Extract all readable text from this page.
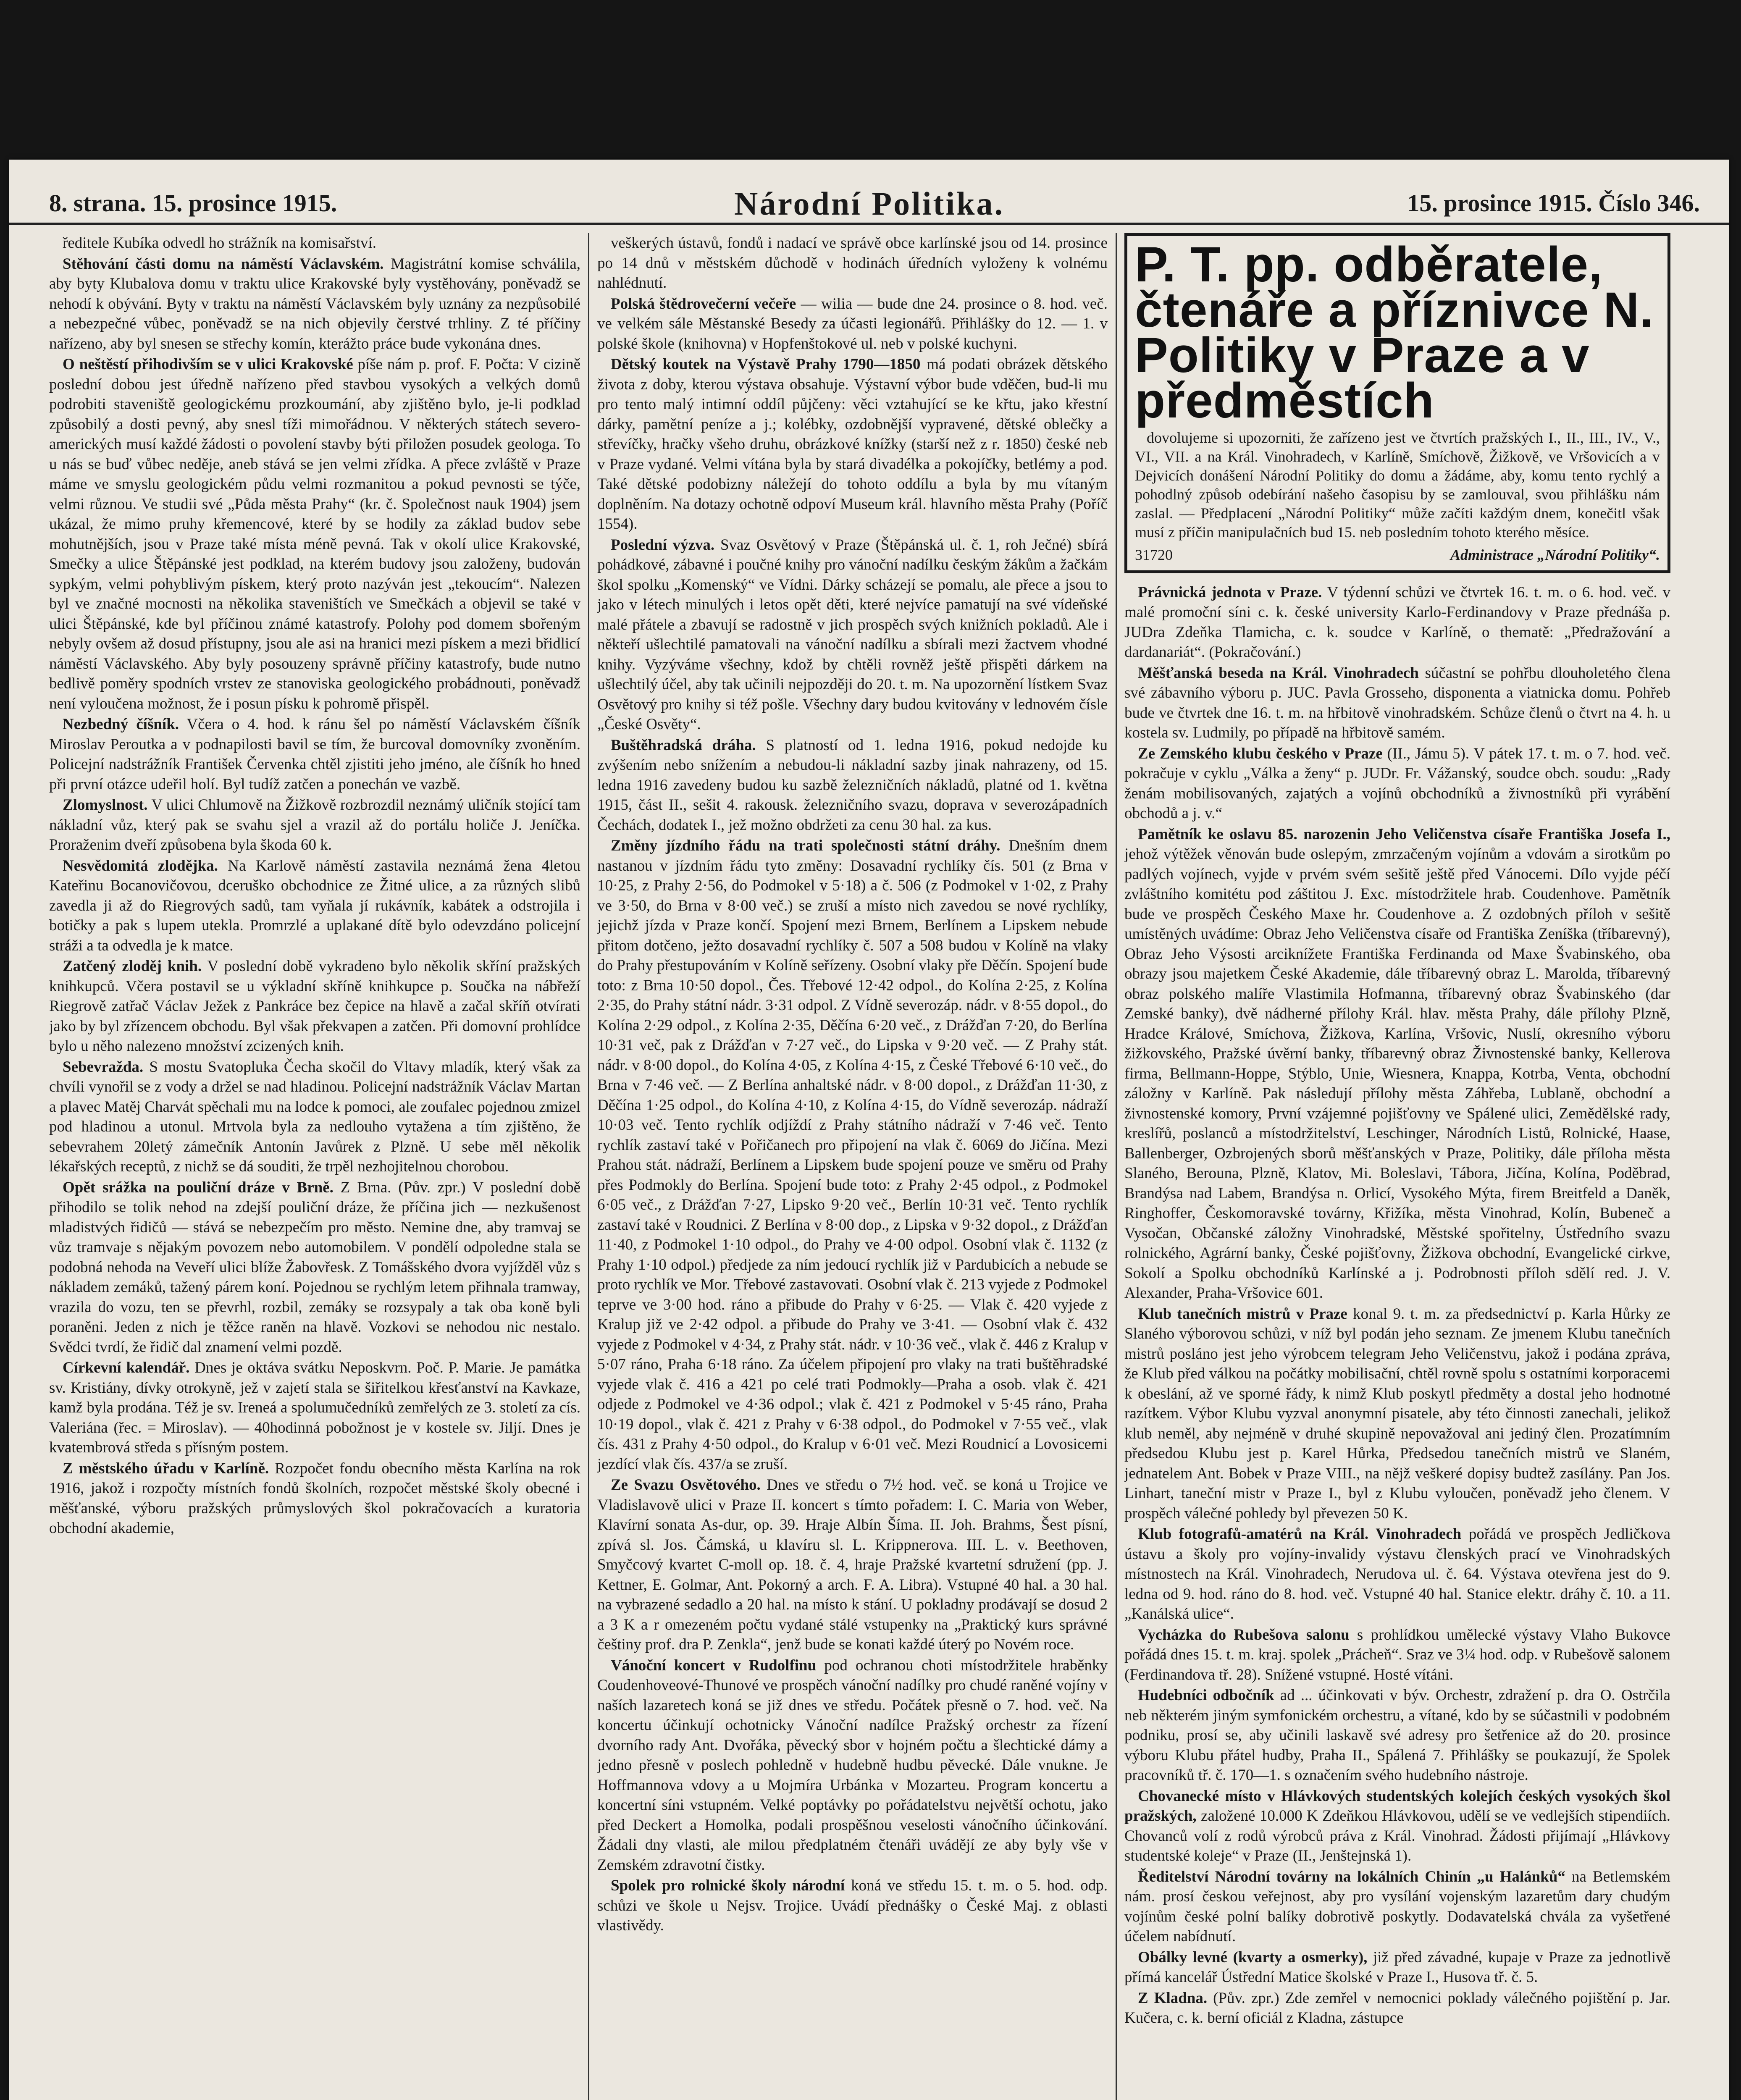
8. strana. 15. prosince 1915.	Národní Politika.	15. prosince 1915. Číslo 346.

ředitele Kubíka odvedl ho strážník na komisařství.

Stěhování části domu na náměstí Václavském. Magistrátní komise schválila, aby byty Klubalova domu v traktu ulice Krakovské byly vystěhovány, poněvadž se nehodí k obývání. Byty v traktu na náměstí Václavském byly uznány za nezpůsobilé a nebezpečné vůbec, poněvadž se na nich objevily čerstvé trhliny. Z té příčiny nařízeno, aby byl snesen se střechy komín, kterážto práce bude vykonána dnes.

O neštěstí přihodivším se v ulici Krakovské píše nám p. prof. F. Počta: V cizině poslední dobou jest úředně nařízeno před stavbou vysokých a velkých domů podrobiti staveniště geologickému prozkoumání, aby zjištěno bylo, je-li podklad způsobilý a dosti pevný, aby snesl tíži mimořádnou. V některých státech severo-amerických musí každé žádosti o povolení stavby býti přiložen posudek geologa. To u nás se buď vůbec neděje, aneb stává se jen velmi zřídka. A přece zvláště v Praze máme ve smyslu geologickém půdu velmi rozmanitou a pokud pevnosti se týče, velmi různou. Ve studii své „Půda města Prahy“ (kr. č. Společnost nauk 1904) jsem ukázal, že mimo pruhy křemencové, které by se hodily za základ budov sebe mohutnějších, jsou v Praze také místa méně pevná. Tak v okolí ulice Krakovské, Smečky a ulice Štěpánské jest podklad, na kterém budovy jsou založeny, budován sypkým, velmi pohyblivým pískem, který proto nazýván jest „tekoucím“. Nalezen byl ve značné mocnosti na několika staveništích ve Smečkách a objevil se také v ulici Štěpánské, kde byl příčinou známé katastrofy. Polohy pod domem sbořeným nebyly ovšem až dosud přístupny, jsou ale asi na hranici mezi pískem a mezi břidlicí náměstí Václavského. Aby byly posouzeny správně příčiny katastrofy, bude nutno bedlivě poměry spodních vrstev ze stanoviska geologického probádnouti, poněvadž není vyloučena možnost, že i posun písku k pohromě přispěl.

Nezbedný číšník. Včera o 4. hod. k ránu šel po náměstí Václavském číšník Miroslav Peroutka a v podnapilosti bavil se tím, že burcoval domovníky zvoněním. Policejní nadstrážník František Červenka chtěl zjistiti jeho jméno, ale číšník ho hned při první otázce udeřil holí. Byl tudíž zatčen a ponechán ve vazbě.

Zlomyslnost. V ulici Chlumově na Žižkově rozbrozdil neznámý uličník stojící tam nákladní vůz, který pak se svahu sjel a vrazil až do portálu holiče J. Jeníčka. Proraženim dveří způsobena byla škoda 60 k.

Nesvědomitá zlodějka. Na Karlově náměstí zastavila neznámá žena 4letou Kateřinu Bocanovičovou, dceruško obchodnice ze Žitné ulice, a za různých slibů zavedla ji až do Riegrových sadů, tam vyňala jí rukávník, kabátek a odstrojila i botičky a pak s lupem utekla. Promrzlé a uplakané dítě bylo odevzdáno policejní stráži a ta odvedla je k matce.

Zatčený zloděj knih. V poslední době vykradeno bylo několik skříní pražských knihkupců. Včera postavil se u výkladní skříně knihkupce p. Součka na nábřeží Riegrově zatřač Václav Ježek z Pankráce bez čepice na hlavě a začal skříň otvírati jako by byl zřízencem obchodu. Byl však překvapen a zatčen. Při domovní prohlídce bylo u něho nalezeno množství zcizených knih.

Sebevražda. S mostu Svatopluka Čecha skočil do Vltavy mladík, který však za chvíli vynořil se z vody a držel se nad hladinou. Policejní nadstrážník Václav Martan a plavec Matěj Charvát spěchali mu na lodce k pomoci, ale zoufalec pojednou zmizel pod hladinou a utonul. Mrtvola byla za nedlouho vytažena a tím zjištěno, že sebevrahem 20letý zámečník Antonín Javůrek z Plzně. U sebe měl několik lékařských receptů, z nichž se dá souditi, že trpěl nezhojitelnou chorobou.

Opět srážka na pouliční dráze v Brně. Z Brna. (Pův. zpr.) V poslední době přihodilo se tolik nehod na zdejší pouliční dráze, že příčina jich — nezkušenost mladistvých řidičů — stává se nebezpečím pro město. Nemine dne, aby tramvaj se vůz tramvaje s nějakým povozem nebo automobilem. V pondělí odpoledne stala se podobná nehoda na Veveří ulici blíže Žabovřesk. Z Tomášského dvora vyjížděl vůz s nákladem zemáků, tažený párem koní. Pojednou se rychlým letem přihnala tramway, vrazila do vozu, ten se převrhl, rozbil, zemáky se rozsypaly a tak oba koně byli poraněni. Jeden z nich je těžce raněn na hlavě. Vozkovi se nehodou nic nestalo. Svědci tvrdí, že řidič dal znamení velmi pozdě.

Církevní kalendář. Dnes je oktáva svátku Neposkvrn. Poč. P. Marie. Je památka sv. Kristiány, dívky otrokyně, jež v zajetí stala se šiřitelkou křesťanství na Kavkaze, kamž byla prodána. Též je sv. Ireneá a spolumučedníků zemřelých ze 3. století za cís. Valeriána (řec. = Miroslav). — 40hodinná pobožnost je v kostele sv. Jiljí. Dnes je kvatembrová středa s přísným postem.

Z městského úřadu v Karlíně. Rozpočet fondu obecního města Karlína na rok 1916, jakož i rozpočty místních fondů školních, rozpočet městské školy obecné i měšťanské, výboru pražských průmyslových škol pokračovacích a kuratoria obchodní akademie,

veškerých ústavů, fondů i nadací ve správě obce karlínské jsou od 14. prosince po 14 dnů v městském důchodě v hodinách úředních vyloženy k volnému nahlédnutí.

Polská štědrovečerní večeře — wilia — bude dne 24. prosince o 8. hod. več. ve velkém sále Městanské Besedy za účasti legionářů. Přihlášky do 12. — 1. v polské škole (knihovna) v Hopfenštokové ul. neb v polské kuchyni.

Dětský koutek na Výstavě Prahy 1790—1850 má podati obrázek dětského života z doby, kterou výstava obsahuje. Výstavní výbor bude vděčen, bud-li mu pro tento malý intimní oddíl půjčeny: věci vztahující se ke křtu, jako křestní dárky, pamětní peníze a j.; kolébky, ozdobnější vypravené, dětské oblečky a střevíčky, hračky všeho druhu, obrázkové knížky (starší než z r. 1850) české neb v Praze vydané. Velmi vítána byla by stará divadélka a pokojíčky, betlémy a pod. Také dětské podobizny náležejí do tohoto oddílu a byla by mu vítaným doplněním. Na dotazy ochotně odpoví Museum král. hlavního města Prahy (Poříč 1554).

Poslední výzva. Svaz Osvětový v Praze (Štěpánská ul. č. 1, roh Ječné) sbírá pohádkové, zábavné i poučné knihy pro vánoční nadílku českým žákům a žačkám škol spolku „Komenský“ ve Vídni. Dárky scházejí se pomalu, ale přece a jsou to jako v létech minulých i letos opět děti, které nejvíce pamatují na své vídeňské malé přátele a zbavují se radostně v jich prospěch svých knižních pokladů. Ale i někteří ušlechtilé pamatovali na vánoční nadílku a sbírali mezi žactvem vhodné knihy. Vyzýváme všechny, kdož by chtěli rovněž ještě přispěti dárkem na ušlechtilý účel, aby tak učinili nejpozději do 20. t. m. Na upozornění lístkem Svaz Osvětový pro knihy si též pošle. Všechny dary budou kvitovány v lednovém čísle „České Osvěty“.

Buštěhradská dráha. S platností od 1. ledna 1916, pokud nedojde ku zvýšením nebo snížením a nebudou-li nákladní sazby jinak nahrazeny, od 15. ledna 1916 zavedeny budou ku sazbě železničních nákladů, platné od 1. května 1915, část II., sešit 4. rakousk. železničního svazu, doprava v severozápadních Čechách, dodatek I., jež možno obdržeti za cenu 30 hal. za kus.

Změny jízdního řádu na trati společnosti státní dráhy. Dnešním dnem nastanou v jízdním řádu tyto změny: Dosavadní rychlíky čís. 501 (z Brna v 10·25, z Prahy 2·56, do Podmokel v 5·18) a č. 506 (z Podmokel v 1·02, z Prahy ve 3·50, do Brna v 8·00 več.) se zruší a místo nich zavedou se nové rychlíky, jejichž jízda v Praze končí. Spojení mezi Brnem, Berlínem a Lipskem nebude přitom dotčeno, ježto dosavadní rychlíky č. 507 a 508 budou v Kolíně na vlaky do Prahy přestupováním v Kolíně seřízeny. Osobní vlaky pře Děčín. Spojení bude toto: z Brna 10·50 dopol., Čes. Třebové 12·42 odpol., do Kolína 2·25, z Kolína 2·35, do Prahy státní nádr. 3·31 odpol. Z Vídně severozáp. nádr. v 8·55 dopol., do Kolína 2·29 odpol., z Kolína 2·35, Děčína 6·20 več., z Drážďan 7·20, do Berlína 10·31 več, pak z Drážďan v 7·27 več., do Lipska v 9·20 več. — Z Prahy stát. nádr. v 8·00 dopol., do Kolína 4·05, z Kolína 4·15, z České Třebové 6·10 več., do Brna v 7·46 več. — Z Berlína anhaltské nádr. v 8·00 dopol., z Drážďan 11·30, z Děčína 1·25 odpol., do Kolína 4·10, z Kolína 4·15, do Vídně severozáp. nádraží 10·03 več. Tento rychlík odjíždí z Prahy státního nádraží v 7·46 več. Tento rychlík zastaví také v Pořičanech pro připojení na vlak č. 6069 do Jičína. Mezi Prahou stát. nádraží, Berlínem a Lipskem bude spojení pouze ve směru od Prahy přes Podmokly do Berlína. Spojení bude toto: z Prahy 2·45 odpol., z Podmokel 6·05 več., z Drážďan 7·27, Lipsko 9·20 več., Berlín 10·31 več. Tento rychlík zastaví také v Roudnici. Z Berlína v 8·00 dop., z Lipska v 9·32 dopol., z Drážďan 11·40, z Podmokel 1·10 odpol., do Prahy ve 4·00 odpol. Osobní vlak č. 1132 (z Prahy 1·10 odpol.) předjede za ním jedoucí rychlík již v Pardubicích a nebude se proto rychlík ve Mor. Třebové zastavovati. Osobní vlak č. 213 vyjede z Podmokel teprve ve 3·00 hod. ráno a přibude do Prahy v 6·25. — Vlak č. 420 vyjede z Kralup již ve 2·42 odpol. a přibude do Prahy ve 3·41. — Osobní vlak č. 432 vyjede z Podmokel v 4·34, z Prahy stát. nádr. v 10·36 več., vlak č. 446 z Kralup v 5·07 ráno, Praha 6·18 ráno. Za účelem připojení pro vlaky na trati buštěhradské vyjede vlak č. 416 a 421 po celé trati Podmokly—Praha a osob. vlak č. 421 odjede z Podmokel ve 4·36 odpol.; vlak č. 421 z Podmokel v 5·45 ráno, Praha 10·19 dopol., vlak č. 421 z Prahy v 6·38 odpol., do Podmokel v 7·55 več., vlak čís. 431 z Prahy 4·50 odpol., do Kralup v 6·01 več. Mezi Roudnicí a Lovosicemi jezdící vlak čís. 437/a se zruší.

Ze Svazu Osvětového. Dnes ve středu o 7½ hod. več. se koná u Trojice ve Vladislavově ulici v Praze II. koncert s tímto pořadem: I. C. Maria von Weber, Klavírní sonata As-dur, op. 39. Hraje Albín Šíma. II. Joh. Brahms, Šest písní, zpívá sl. Jos. Čámská, u klavíru sl. L. Krippnerova. III. L. v. Beethoven, Smyčcový kvartet C-moll op. 18. č. 4, hraje Pražské kvartetní sdružení (pp. J. Kettner, E. Golmar, Ant. Pokorný a arch. F. A. Libra). Vstupné 40 hal. a 30 hal. na vybrazené sedadlo a 20 hal. na místo k stání. U pokladny prodávají se dosud 2 a 3 K a r omezeném počtu vydané stálé vstupenky na „Praktický kurs správné češtiny prof. dra P. Zenkla“, jenž bude se konati každé úterý po Novém roce.

Vánoční koncert v Rudolfinu pod ochranou choti místodržitele hraběnky Coudenhoveové-Thunové ve prospěch vánoční nadílky pro chudé raněné vojíny v naších lazaretech koná se již dnes ve středu. Počátek přesně o 7. hod. več. Na koncertu účinkují ochotnicky Vánoční nadílce Pražský orchestr za řízení dvorního rady Ant. Dvořáka, pěvecký sbor v hojném počtu a šlechtické dámy a jedno přesně v poslech pohledně v hudebně hudbu pěvecké. Dále vnukne. Je Hoffmannova vdovy a u Mojmíra Urbánka v Mozarteu. Program koncertu a koncertní síni vstupném. Velké poptávky po pořádatelstvu největší ochotu, jako před Deckert a Homolka, podali prospěšnou veselosti vánočního účinkování. Žádali dny vlasti, ale milou předplatném čtenáři uvádějí ze aby byly vše v Zemském zdravotní čistky.

Spolek pro rolnické školy národní koná ve středu 15. t. m. o 5. hod. odp. schůzi ve škole u Nejsv. Trojice. Uvádí přednášky o České Maj. z oblasti vlastivědy.

P. T. pp. odběratele, čtenáře a příznivce N. Politiky v Praze a v předměstích
dovolujeme si upozorniti, že zařízeno jest ve čtvrtích pražských I., II., III., IV., V., VI., VII. a na Král. Vinohradech, v Karlíně, Smíchově, Žižkově, ve Vršovicích a v Dejvicích donášení Národní Politiky do domu a žádáme, aby, komu tento rychlý a pohodlný způsob odebírání našeho časopisu by se zamlouval, svou přihlášku nám zaslal. — Předplacení „Národní Politiky“ může začíti každým dnem, konečitl však musí z příčin manipulačních bud 15. neb posledním tohoto kterého měsíce.
31720	Administrace „Národní Politiky“.

Právnická jednota v Praze. V týdenní schůzi ve čtvrtek 16. t. m. o 6. hod. več. v malé promoční síni c. k. české university Karlo-Ferdinandovy v Praze přednáša p. JUDra Zdeňka Tlamicha, c. k. soudce v Karlíně, o thematě: „Předražování a dardanariát“. (Pokračování.)

Měšťanská beseda na Král. Vinohradech súčastní se pohřbu dlouholetého člena své zábavního výboru p. JUC. Pavla Grosseho, disponenta a viatnicka domu. Pohřeb bude ve čtvrtek dne 16. t. m. na hřbitově vinohradském. Schůze členů o čtvrt na 4. h. u kostela sv. Ludmily, po případě na hřbitově samém.

Ze Zemského klubu českého v Praze (II., Jámu 5). V pátek 17. t. m. o 7. hod. več. pokračuje v cyklu „Válka a ženy“ p. JUDr. Fr. Vážanský, soudce obch. soudu: „Rady ženám mobilisovaných, zajatých a vojínů obchodníků a živnostníků při vyrábění obchodů a j. v.“

Pamětník ke oslavu 85. narozenin Jeho Veličenstva císaře Františka Josefa I., jehož výtěžek věnován bude oslepým, zmrzačeným vojínům a vdovám a sirotkům po padlých vojínech, vyjde v prvém svém sešitě ještě před Vánocemi. Dílo vyjde péčí zvláštního komitétu pod záštitou J. Exc. místodržitele hrab. Coudenhove. Pamětník bude ve prospěch Českého Maxe hr. Coudenhove a. Z ozdobných příloh v sešitě umístěných uvádíme: Obraz Jeho Veličenstva císaře od Františka Zeníška (tříbarevný), Obraz Jeho Výsosti arciknížete Františka Ferdinanda od Maxe Švabinského, oba obrazy jsou majetkem České Akademie, dále tříbarevný obraz L. Marolda, tříbarevný obraz polského malíře Vlastimila Hofmanna, tříbarevný obraz Švabinského (dar Zemské banky), dvě nádherné přílohy Král. hlav. města Prahy, dále přílohy Plzně, Hradce Králové, Smíchova, Žižkova, Karlína, Vršovic, Nuslí, okresního výboru žižkovského, Pražské úvěrní banky, tříbarevný obraz Živnostenské banky, Kellerova firma, Bellmann-Hoppe, Stýblo, Unie, Wiesnera, Knappa, Kotrba, Venta, obchodní záložny v Karlíně. Pak následují přílohy města Záhřeba, Lublaně, obchodní a živnostenské komory, První vzájemné pojišťovny ve Spálené ulici, Zemědělské rady, kreslířů, poslanců a místodržitelství, Leschinger, Národních Listů, Rolnické, Haase, Ballenberger, Ozbrojených sborů měšťanských v Praze, Politiky, dále příloha města Slaného, Berouna, Plzně, Klatov, Mi. Boleslavi, Tábora, Jičína, Kolína, Poděbrad, Brandýsa nad Labem, Brandýsa n. Orlicí, Vysokého Mýta, firem Breitfeld a Daněk, Ringhoffer, Českomoravské továrny, Křižíka, města Vinohrad, Kolín, Bubeneč a Vysočan, Občanské záložny Vinohradské, Městské spořitelny, Ústředního svazu rolnického, Agrární banky, České pojišťovny, Žižkova obchodní, Evangelické cirkve, Sokolí a Spolku obchodníků Karlínské a j. Podrobnosti příloh sdělí red. J. V. Alexander, Praha-Vršovice 601.

Klub tanečních mistrů v Praze konal 9. t. m. za předsednictví p. Karla Hůrky ze Slaného výborovou schůzi, v níž byl podán jeho seznam. Ze jmenem Klubu tanečních mistrů posláno jest jeho výrobcem telegram Jeho Veličenstvu, jakož i podána zpráva, že Klub před válkou na počátky mobilisační, chtěl rovně spolu s ostatními korporacemi k obeslání, až ve sporné řády, k nimž Klub poskytl předměty a dostal jeho hodnotné razítkem. Výbor Klubu vyzval anonymní pisatele, aby této činnosti zanechali, jelikož klub neměl, aby nejméně v druhé skupině nepovažoval ani jediný člen. Prozatímním předsedou Klubu jest p. Karel Hůrka, Předsedou tanečních mistrů ve Slaném, jednatelem Ant. Bobek v Praze VIII., na nějž veškeré dopisy budtež zasílány. Pan Jos. Linhart, taneční mistr v Praze I., byl z Klubu vyloučen, poněvadž jeho členem. V prospěch válečné pohledy byl převezen 50 K.

Klub fotografů-amatérů na Král. Vinohradech pořádá ve prospěch Jedličkova ústavu a školy pro vojíny-invalidy výstavu členských prací ve Vinohradských místnostech na Král. Vinohradech, Nerudova ul. č. 64. Výstava otevřena jest do 9. ledna od 9. hod. ráno do 8. hod. več. Vstupné 40 hal. Stanice elektr. dráhy č. 10. a 11. „Kanálská ulice“.

Vycházka do Rubešova salonu s prohlídkou umělecké výstavy Vlaho Bukovce pořádá dnes 15. t. m. kraj. spolek „Prácheň“. Sraz ve 3¼ hod. odp. v Rubešově salonem (Ferdinandova tř. 28). Snížené vstupné. Hosté vítáni.

Hudebníci odbočník ad ... účinkovati v býv. Orchestr, zdražení p. dra O. Ostrčila neb některém jiným symfonickém orchestru, a vítané, kdo by se súčastnili v podobném podniku, prosí se, aby učinili laskavě své adresy pro šetřenice až do 20. prosince výboru Klubu přátel hudby, Praha II., Spálená 7. Přihlášky se poukazují, že Spolek pracovníků tř. č. 170—1. s označením svého hudebního nástroje.

Chovanecké místo v Hlávkových studentských kolejích českých vysokých škol pražských, založené 10.000 K Zdeňkou Hlávkovou, udělí se ve vedlejších stipendiích. Chovanců volí z rodů výrobců práva z Král. Vinohrad. Žádosti přijímají „Hlávkovy studentské koleje“ v Praze (II., Jenštejnská 1).

Ředitelství Národní továrny na lokálních Chinín „u Halánků“ na Betlemském nám. prosí českou veřejnost, aby pro vysílání vojenským lazaretům dary chudým vojínům české polní balíky dobrotivě poskytly. Dodavatelská chvála za vyšetřené účelem nabídnutí.

Obálky levné (kvarty a osmerky), již před závadné, kupaje v Praze za jednotlivě přímá kancelář Ústřední Matice školské v Praze I., Husova tř. č. 5.

Z Kladna. (Pův. zpr.) Zde zemřel v nemocnici poklady válečného pojištění p. Jar. Kučera, c. k. berní oficiál z Kladna, zástupce
